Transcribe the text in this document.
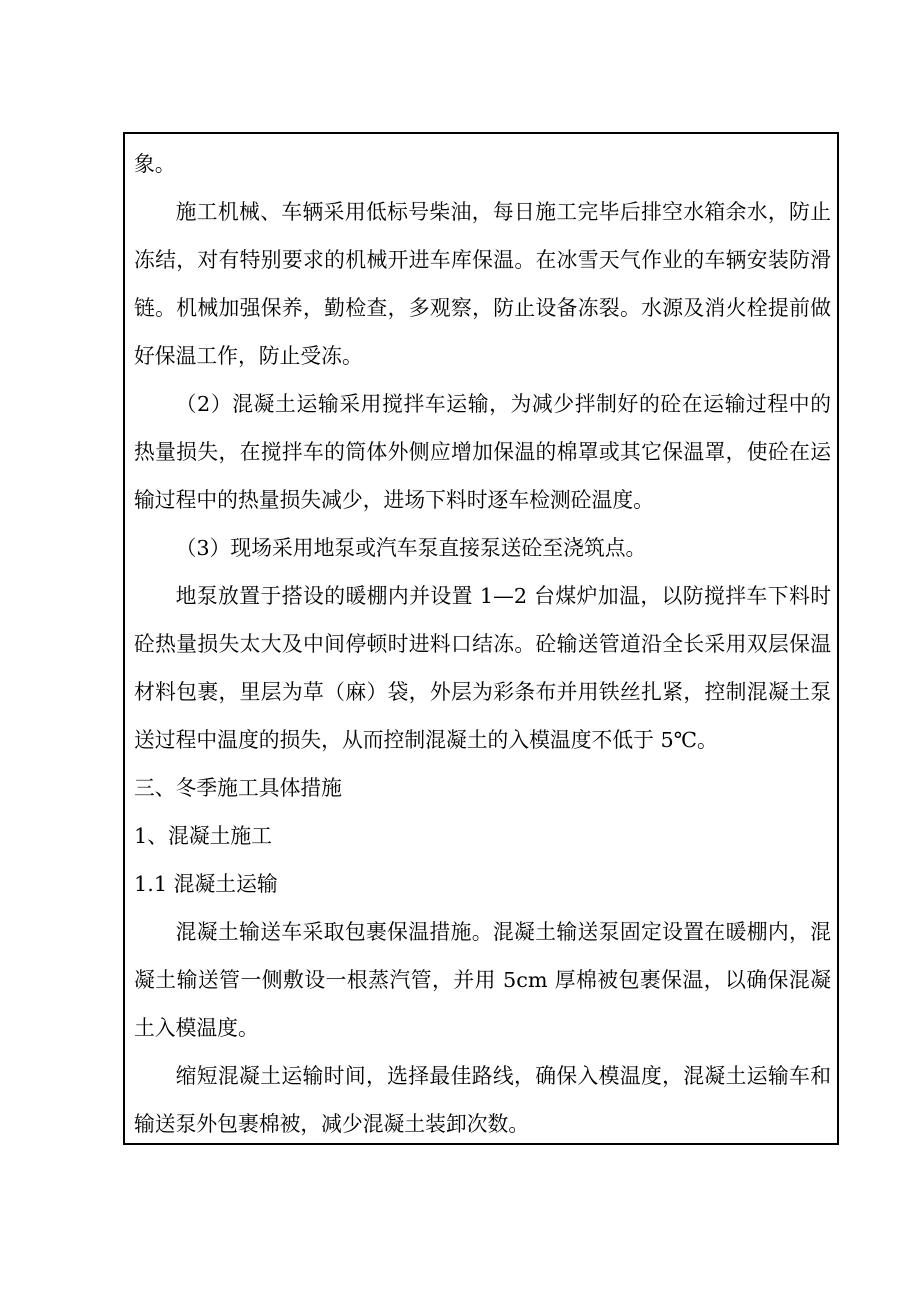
象。

施工机械、车辆采用低标号柴油，每日施工完毕后排空水箱余水，防止冻结，对有特别要求的机械开进车库保温。在冰雪天气作业的车辆安装防滑链。机械加强保养，勤检查，多观察，防止设备冻裂。水源及消火栓提前做好保温工作，防止受冻。

（2）混凝土运输采用搅拌车运输，为减少拌制好的砼在运输过程中的热量损失，在搅拌车的筒体外侧应增加保温的棉罩或其它保温罩，使砼在运输过程中的热量损失减少，进场下料时逐车检测砼温度。

（3）现场采用地泵或汽车泵直接泵送砼至浇筑点。

地泵放置于搭设的暖棚内并设置 1—2 台煤炉加温，以防搅拌车下料时砼热量损失太大及中间停顿时进料口结冻。砼输送管道沿全长采用双层保温材料包裹，里层为草（麻）袋，外层为彩条布并用铁丝扎紧，控制混凝土泵送过程中温度的损失，从而控制混凝土的入模温度不低于 5℃。

三、冬季施工具体措施

1、混凝土施工

1.1 混凝土运输

混凝土输送车采取包裹保温措施。混凝土输送泵固定设置在暖棚内，混凝土输送管一侧敷设一根蒸汽管，并用 5cm 厚棉被包裹保温，以确保混凝土入模温度。

缩短混凝土运输时间，选择最佳路线，确保入模温度，混凝土运输车和输送泵外包裹棉被，减少混凝土装卸次数。
